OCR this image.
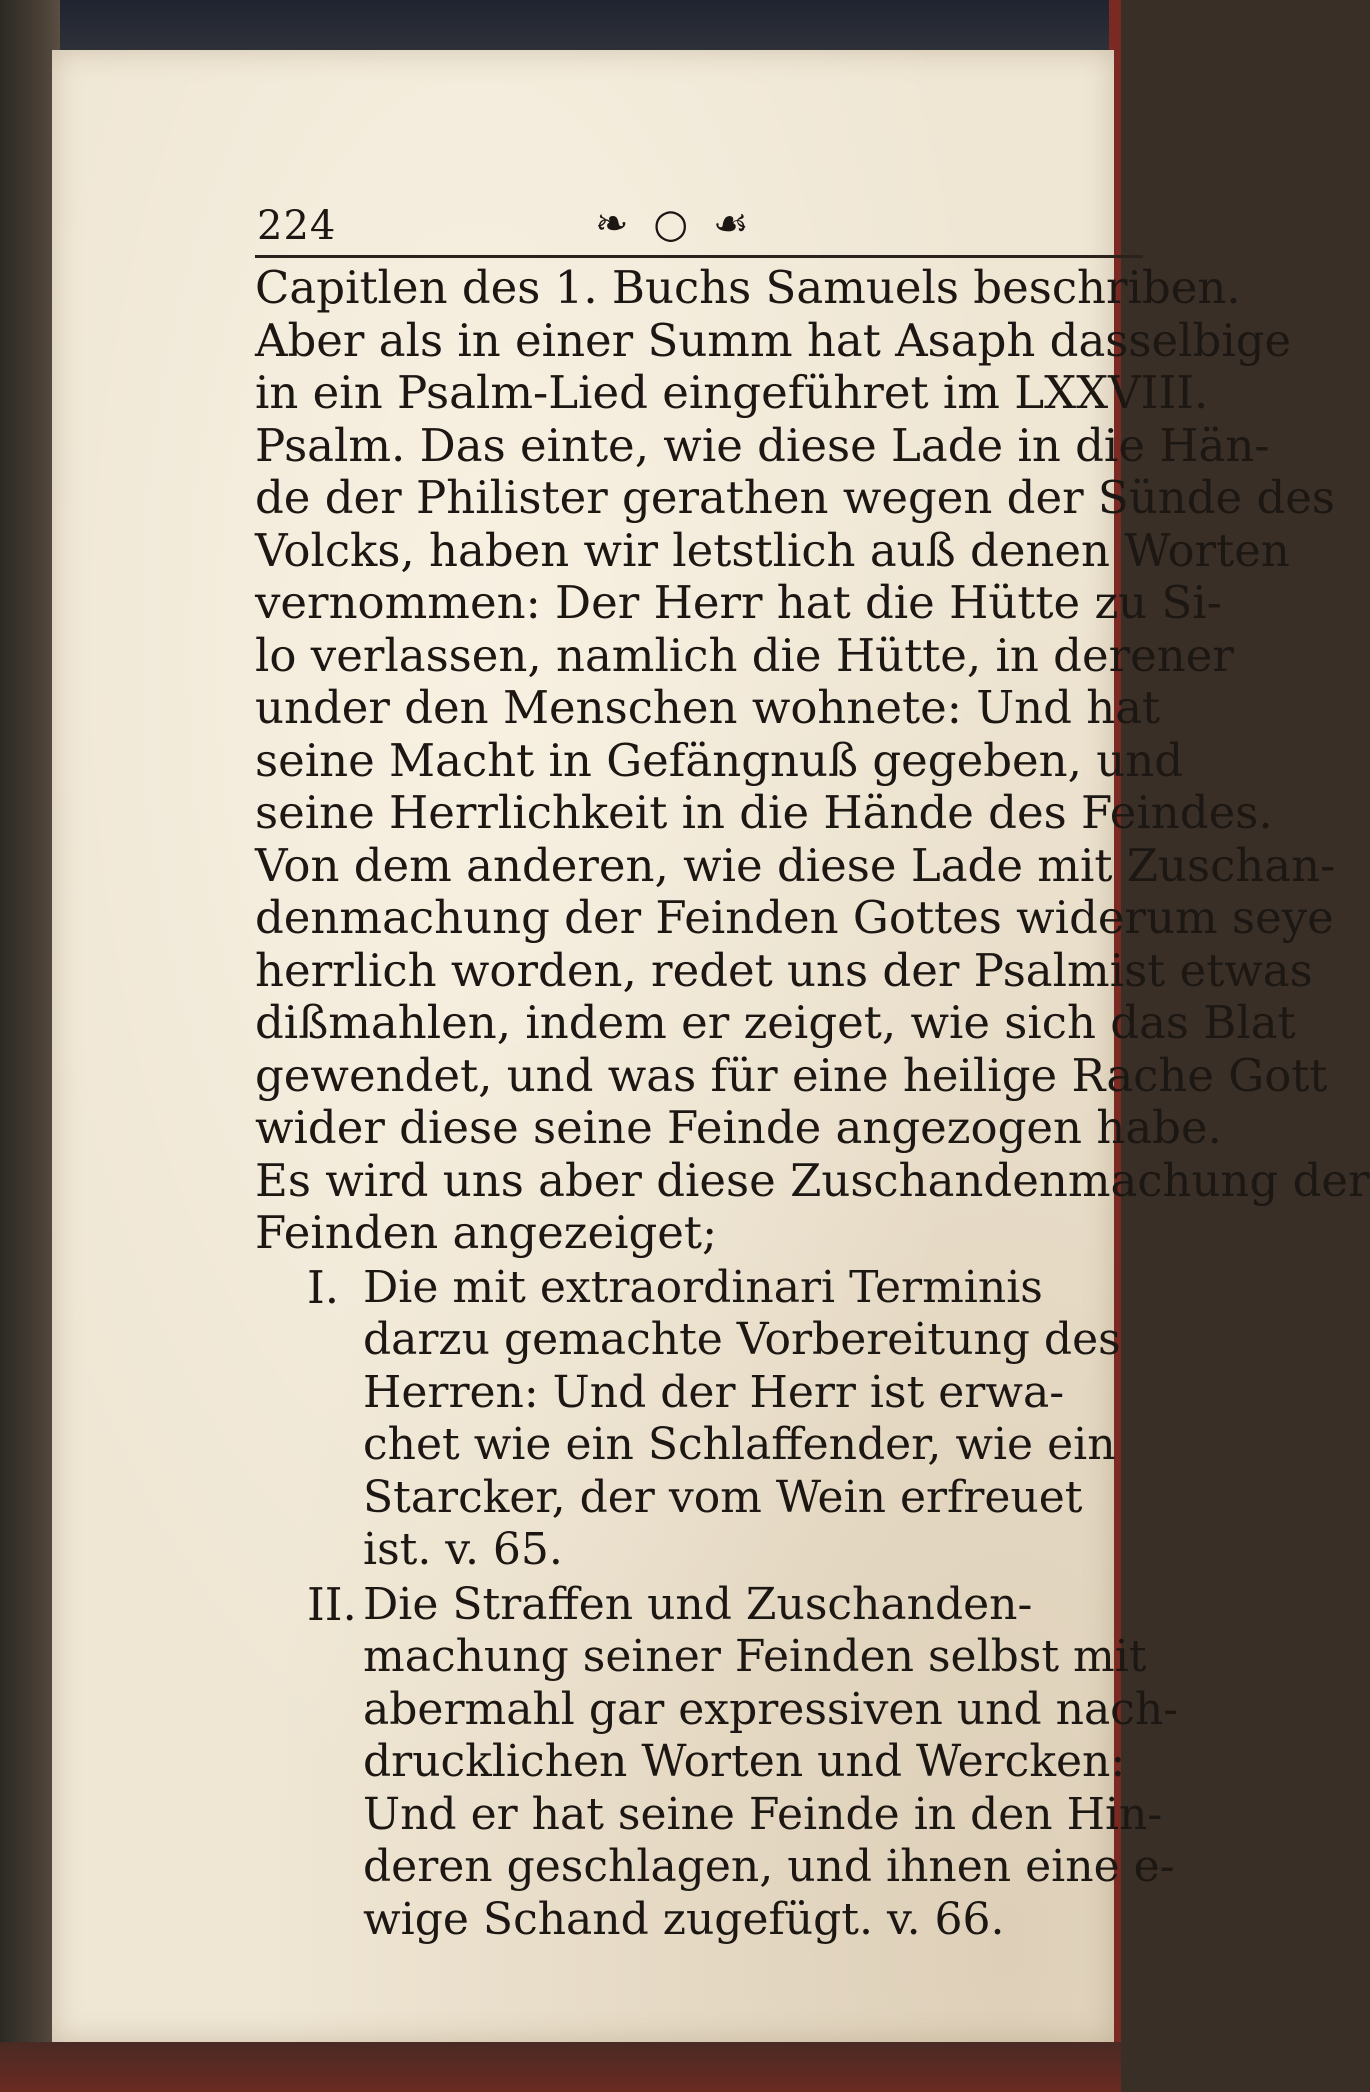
224	❧ ○ ☙
Capitlen des 1. Buchs Samuels beschriben.
Aber als in einer Summ hat Asaph dasselbige
in ein Psalm-Lied eingeführet im LXXVIII.
Psalm. Das einte, wie diese Lade in die Hän-
de der Philister gerathen wegen der Sünde des
Volcks, haben wir letstlich auß denen Worten
vernommen: Der Herr hat die Hütte zu Si-
lo verlassen, namlich die Hütte, in derener
under den Menschen wohnete: Und hat
seine Macht in Gefängnuß gegeben, und
seine Herrlichkeit in die Hände des Feindes.
Von dem anderen, wie diese Lade mit Zuschan-
denmachung der Feinden Gottes widerum seye
herrlich worden, redet uns der Psalmist etwas
dißmahlen, indem er zeiget, wie sich das Blat
gewendet, und was für eine heilige Rache Gott
wider diese seine Feinde angezogen habe.
Es wird uns aber diese Zuschandenmachung der
Feinden angezeiget;
I. Die mit extraordinari Terminis
darzu gemachte Vorbereitung des
Herren: Und der Herr ist erwa-
chet wie ein Schlaffender, wie ein
Starcker, der vom Wein erfreuet
ist. v. 65.
II. Die Straffen und Zuschanden-
machung seiner Feinden selbst mit
abermahl gar expressiven und nach-
drucklichen Worten und Wercken:
Und er hat seine Feinde in den Hin-
deren geschlagen, und ihnen eine e-
wige Schand zugefügt. v. 66.
